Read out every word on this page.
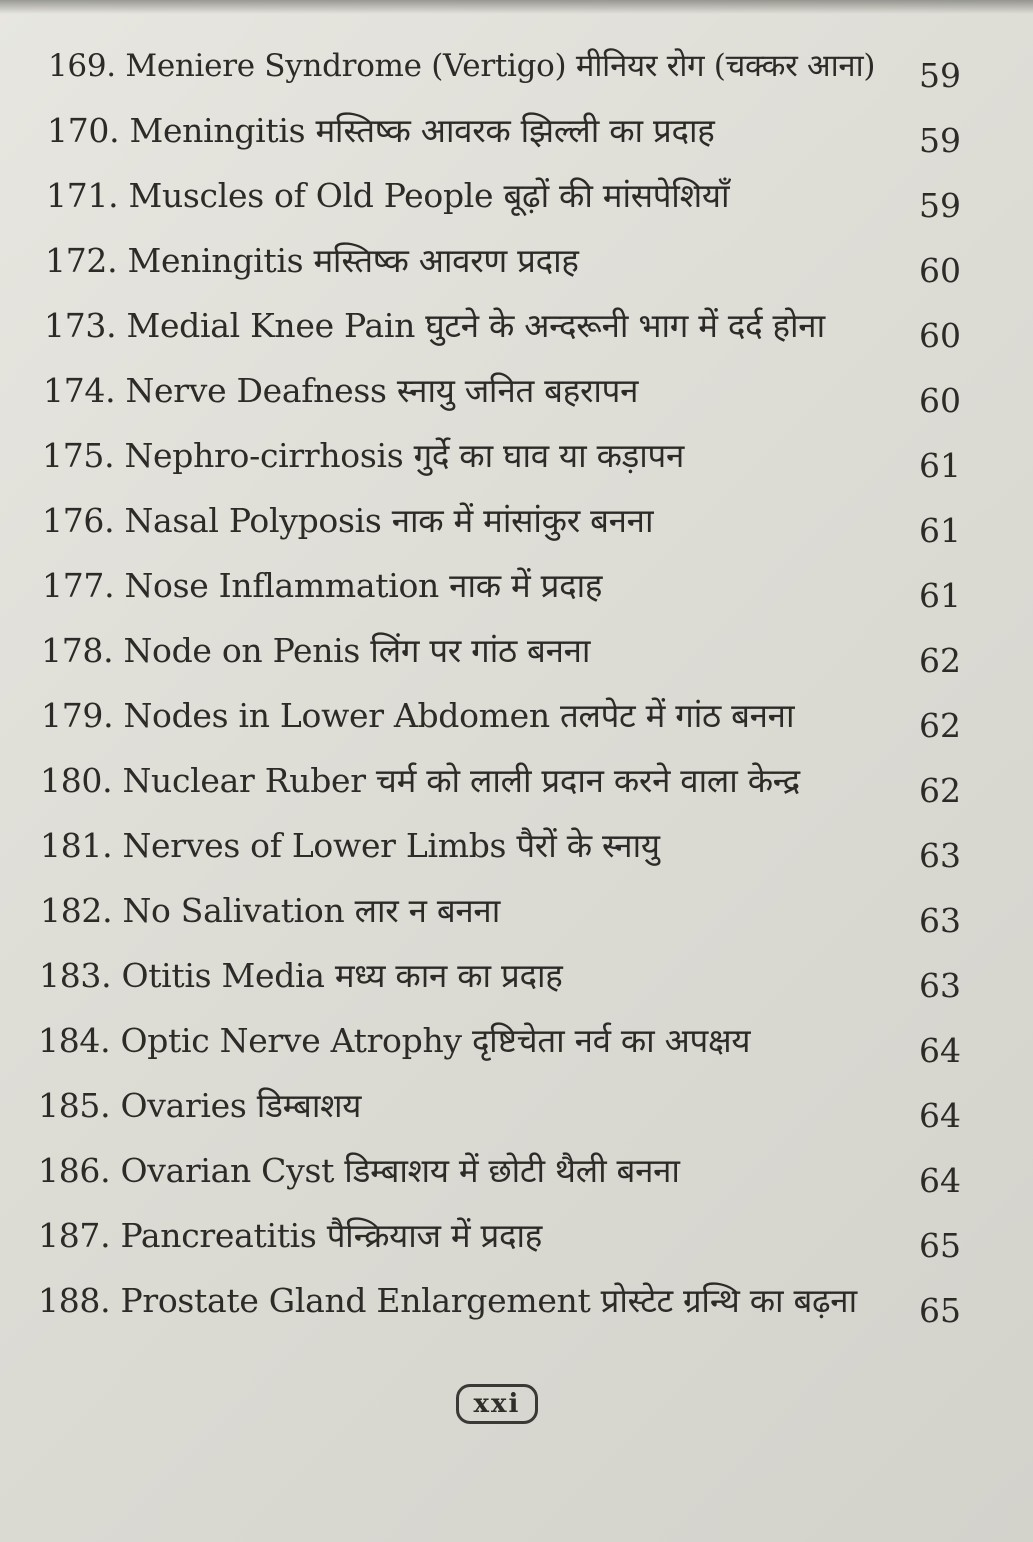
169. Meniere Syndrome (Vertigo) मीनियर रोग (चक्कर आना) 59
170. Meningitis मस्तिष्क आवरक झिल्ली का प्रदाह	59
171. Muscles of Old People बूढ़ों की मांसपेशियाँ	59
172. Meningitis मस्तिष्क आवरण प्रदाह	60
173. Medial Knee Pain घुटने के अन्दरूनी भाग में दर्द होना	60
174. Nerve Deafness स्नायु जनित बहरापन	60
175. Nephro-cirrhosis गुर्दे का घाव या कड़ापन	61
176. Nasal Polyposis नाक में मांसांकुर बनना	61
177. Nose Inflammation नाक में प्रदाह	61
178. Node on Penis लिंग पर गांठ बनना	62
179. Nodes in Lower Abdomen तलपेट में गांठ बनना	62
180. Nuclear Ruber चर्म को लाली प्रदान करने वाला केन्द्र	62
181. Nerves of Lower Limbs पैरों के स्नायु	63
182. No Salivation लार न बनना	63
183. Otitis Media मध्य कान का प्रदाह	63
184. Optic Nerve Atrophy दृष्टिचेता नर्व का अपक्षय	64
185. Ovaries डिम्बाशय	64
186. Ovarian Cyst डिम्बाशय में छोटी थैली बनना	64
187. Pancreatitis पैन्क्रियाज में प्रदाह	65
188. Prostate Gland Enlargement प्रोस्टेट ग्रन्थि का बढ़ना 65
xxi
